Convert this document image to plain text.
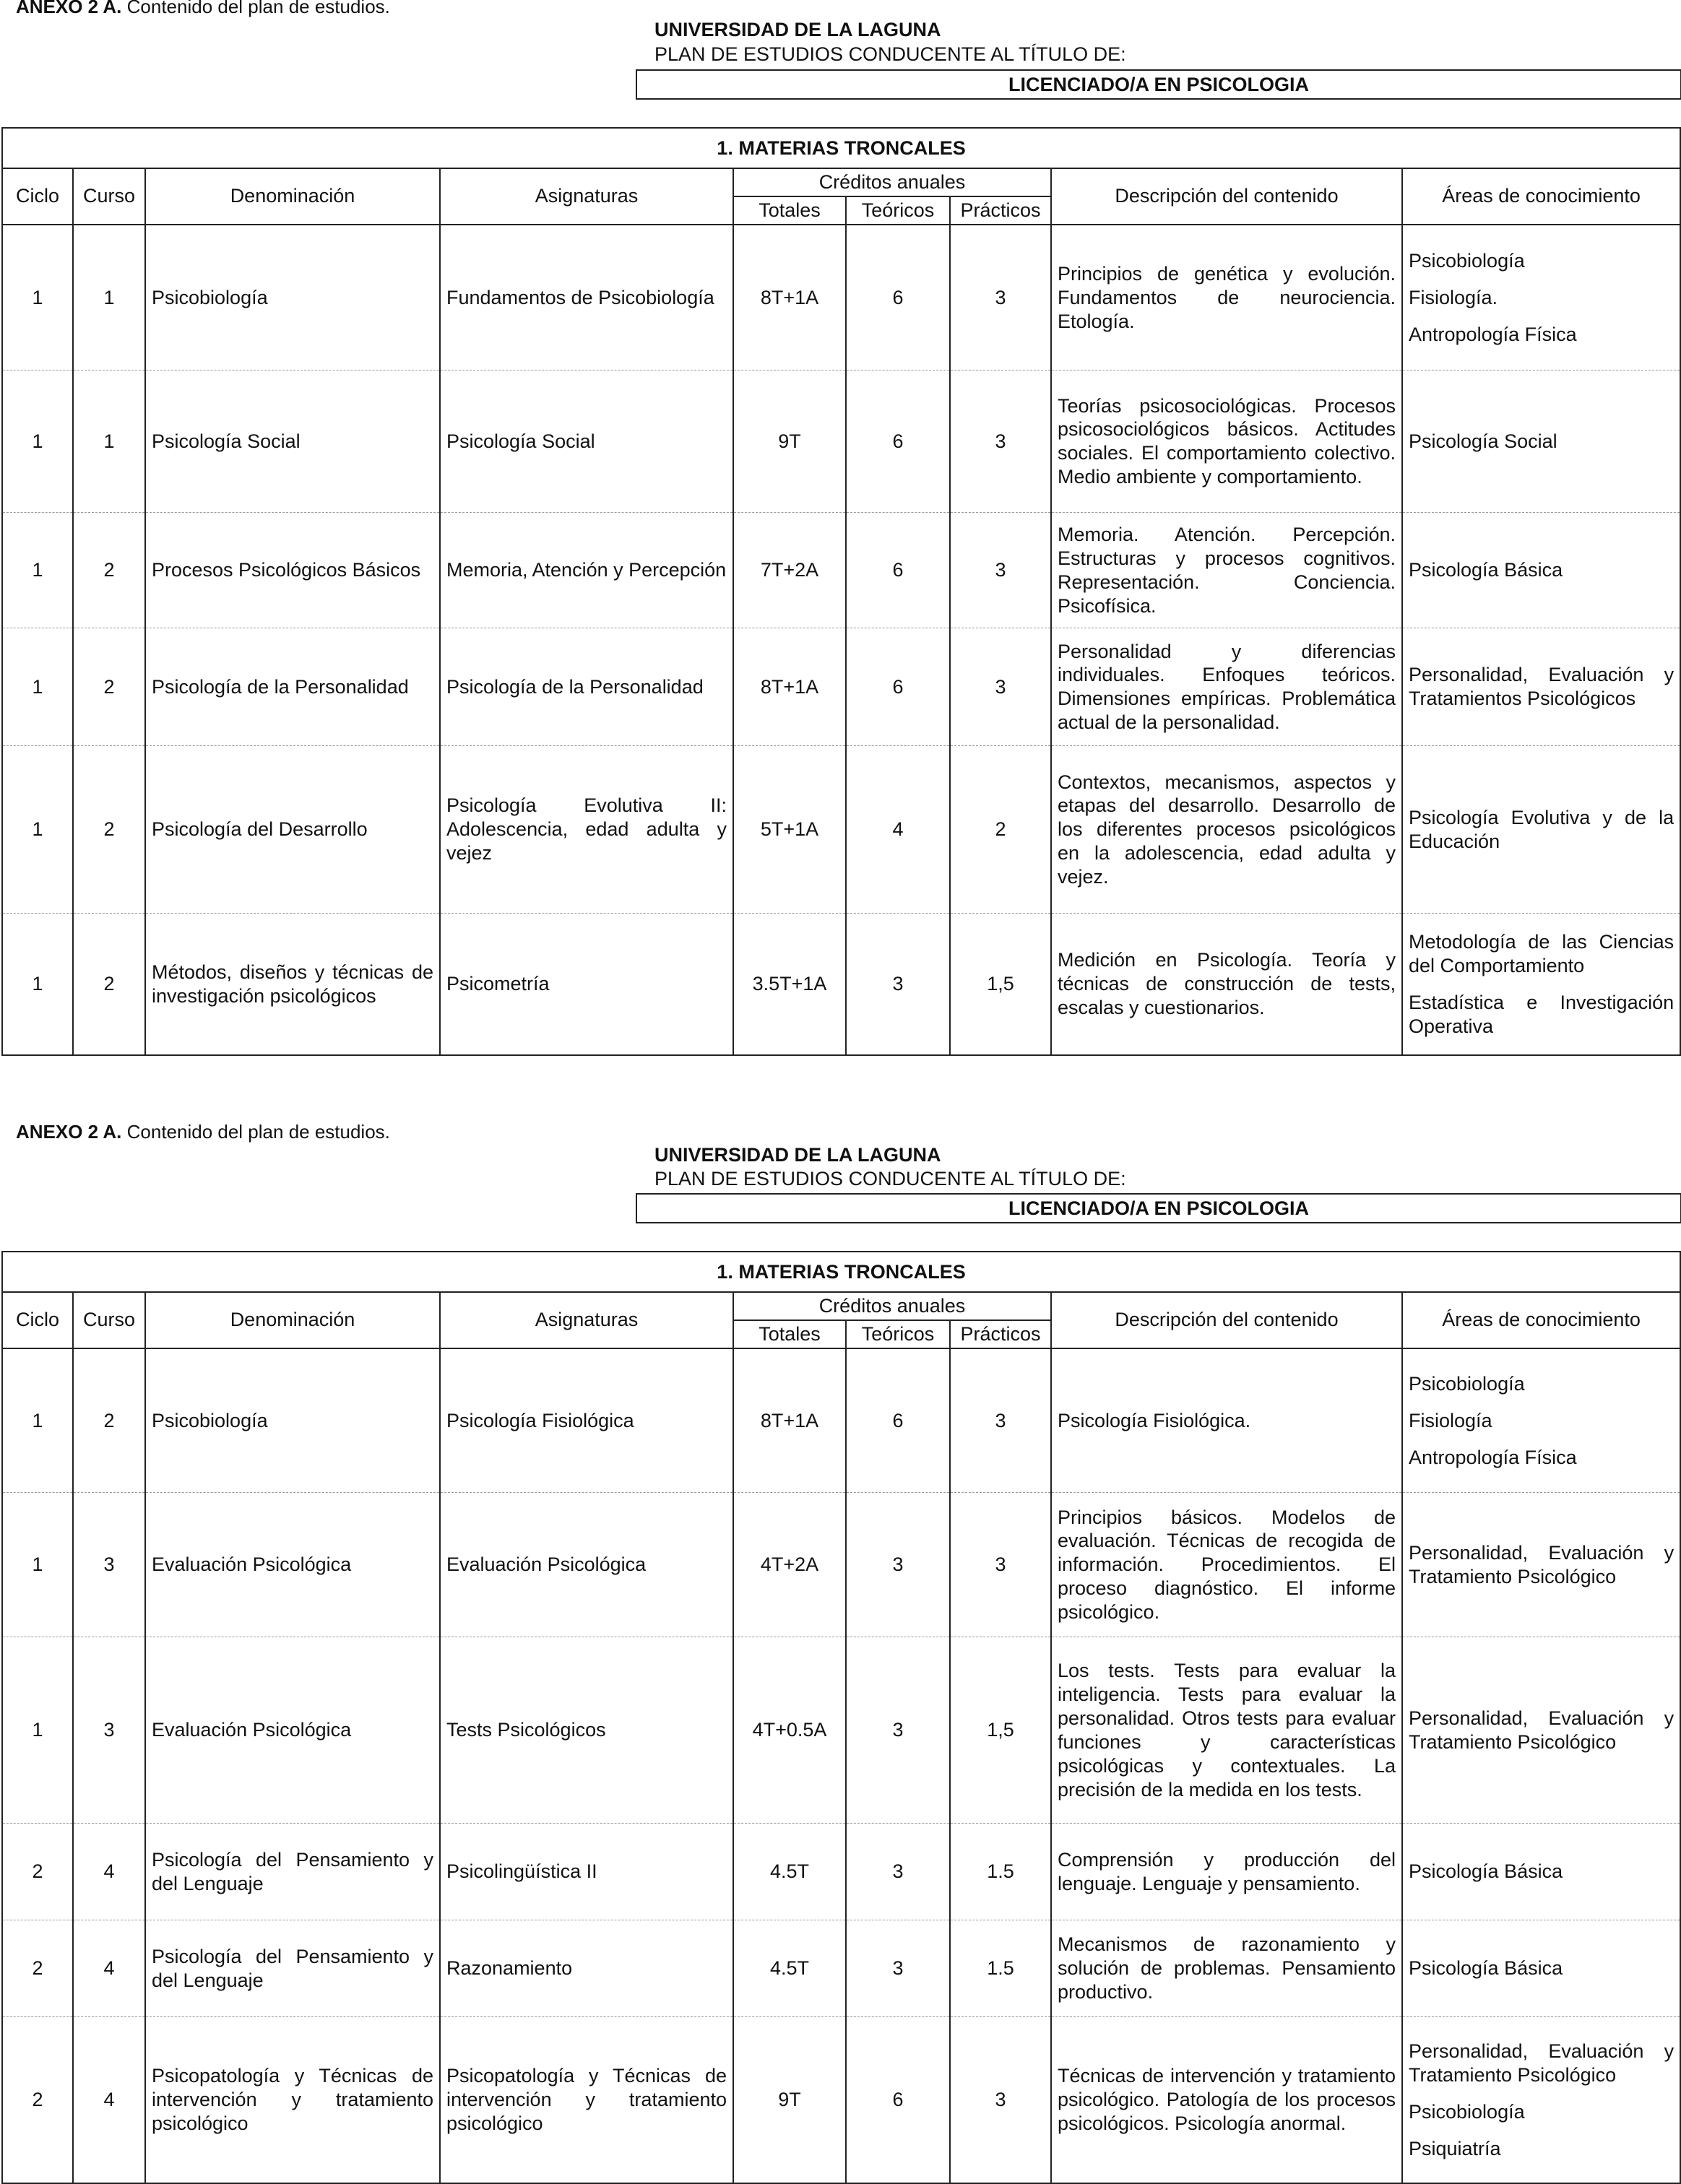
ANEXO 2 A. Contenido del plan de estudios.
UNIVERSIDAD DE LA LAGUNA
PLAN DE ESTUDIOS CONDUCENTE AL TÍTULO DE:
LICENCIADO/A EN PSICOLOGIA
1. MATERIAS TRONCALES								
Ciclo	Curso	Denominación	Asignaturas	Créditos anuales			Descripción del contenido	Áreas de conocimiento
				Totales	Teóricos	Prácticos		
1	1	Psicobiología	Fundamentos de Psicobiología	8T+1A	6	3	Principios de genética y evolución. Fundamentos de neurociencia. Etología.	Psicobiología
Fisiología.
Antropología Física

1	1	Psicología Social	Psicología Social	9T	6	3	Teorías psicosociológicas. Procesos psicosociológicos básicos. Actitudes sociales. El comportamiento colectivo. Medio ambiente y comportamiento.	Psicología Social

1	2	Procesos Psicológicos Básicos	Memoria, Atención y Percepción	7T+2A	6	3	Memoria. Atención. Percepción. Estructuras y procesos cognitivos. Representación. Conciencia. Psicofísica.	Psicología Básica

1	2	Psicología de la Personalidad	Psicología de la Personalidad	8T+1A	6	3	Personalidad y diferencias individuales. Enfoques teóricos. Dimensiones empíricas. Problemática actual de la personalidad.	Personalidad, Evaluación y Tratamientos Psicológicos

1	2	Psicología del Desarrollo	Psicología Evolutiva II: Adolescencia, edad adulta y vejez	5T+1A	4	2	Contextos, mecanismos, aspectos y etapas del desarrollo. Desarrollo de los diferentes procesos psicológicos en la adolescencia, edad adulta y vejez.	Psicología Evolutiva y de la Educación

1	2	Métodos, diseños y técnicas de investigación psicológicos	Psicometría	3.5T+1A	3	1,5	Medición en Psicología. Teoría y técnicas de construcción de tests, escalas y cuestionarios.	Metodología de las Ciencias del Comportamiento
Estadística e Investigación Operativa
ANEXO 2 A. Contenido del plan de estudios.
UNIVERSIDAD DE LA LAGUNA
PLAN DE ESTUDIOS CONDUCENTE AL TÍTULO DE:
LICENCIADO/A EN PSICOLOGIA
1. MATERIAS TRONCALES								
Ciclo	Curso	Denominación	Asignaturas	Créditos anuales			Descripción del contenido	Áreas de conocimiento
				Totales	Teóricos	Prácticos		
1	2	Psicobiología	Psicología Fisiológica	8T+1A	6	3	Psicología Fisiológica.	Psicobiología
Fisiología
Antropología Física

1	3	Evaluación Psicológica	Evaluación Psicológica	4T+2A	3	3	Principios básicos. Modelos de evaluación. Técnicas de recogida de información. Procedimientos. El proceso diagnóstico. El informe psicológico.	Personalidad, Evaluación y Tratamiento Psicológico

1	3	Evaluación Psicológica	Tests Psicológicos	4T+0.5A	3	1,5	Los tests. Tests para evaluar la inteligencia. Tests para evaluar la personalidad. Otros tests para evaluar funciones y características psicológicas y contextuales. La precisión de la medida en los tests.	Personalidad, Evaluación y Tratamiento Psicológico

2	4	Psicología del Pensamiento y del Lenguaje	Psicolingüística II	4.5T	3	1.5	Comprensión y producción del lenguaje. Lenguaje y pensamiento.	Psicología Básica

2	4	Psicología del Pensamiento y del Lenguaje	Razonamiento	4.5T	3	1.5	Mecanismos de razonamiento y solución de problemas. Pensamiento productivo.	Psicología Básica

2	4	Psicopatología y Técnicas de intervención y tratamiento psicológico	Psicopatología y Técnicas de intervención y tratamiento psicológico	9T	6	3	Técnicas de intervención y tratamiento psicológico. Patología de los procesos psicológicos. Psicología anormal.	Personalidad, Evaluación y Tratamiento Psicológico
Psicobiología
Psiquiatría
